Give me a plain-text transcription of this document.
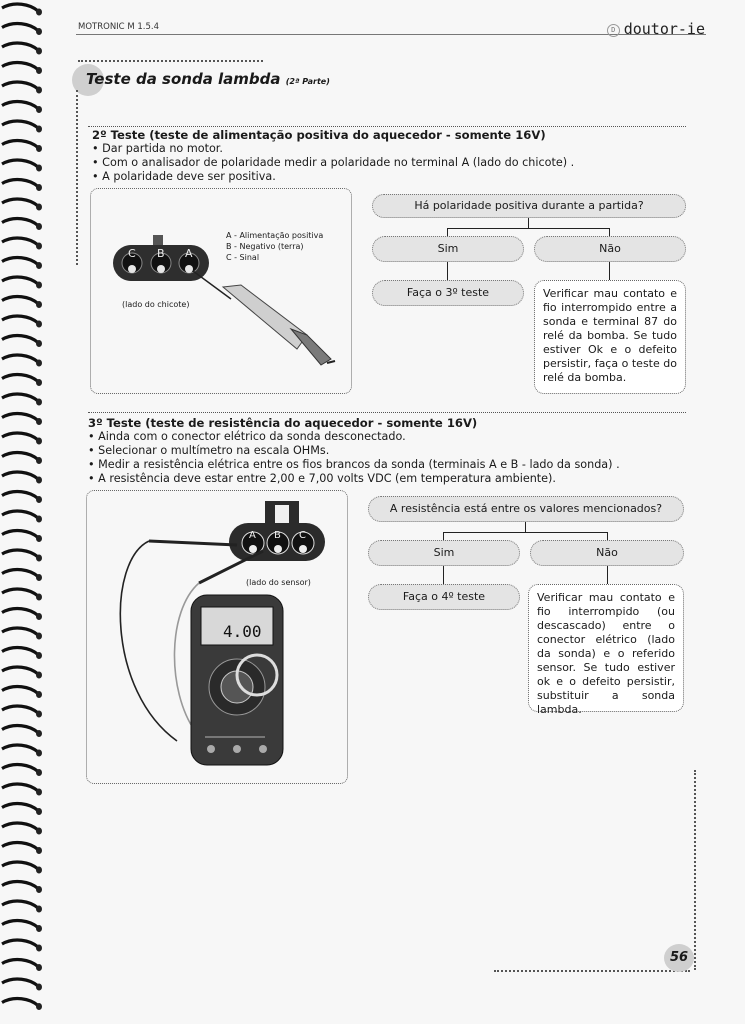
MOTRONIC M 1.5.4	D doutor-ie
Teste da sonda lambda (2ª Parte)
2º Teste (teste de alimentação positiva do aquecedor - somente 16V)
• Dar partida no motor.
• Com o analisador de polaridade medir a polaridade no terminal A (lado do chicote) .
• A polaridade deve ser positiva.
C B A
A - Alimentação positiva
B - Negativo (terra)
C - Sinal
(lado do chicote)
Há polaridade positiva durante a partida?
Sim	Não
Faça o 3º teste	Verificar mau contato e fio interrompido entre a sonda e terminal 87 do relé da bomba. Se tudo estiver Ok e o defeito persistir, faça o teste do relé da bomba.
3º Teste (teste de resistência do aquecedor - somente 16V)
• Ainda com o conector elétrico da sonda desconectado.
• Selecionar o multímetro na escala OHMs.
• Medir a resistência elétrica entre os fios brancos da sonda (terminais A e B - lado da sonda) .
• A resistência deve estar entre 2,00 e 7,00 volts VDC (em temperatura ambiente).
A B C
4.00
(lado do sensor)
A resistência está entre os valores mencionados?
Sim	Não
Faça o 4º teste	Verificar mau contato e fio interrompido (ou descascado) entre o conector elétrico (lado da sonda) e o referido sensor. Se tudo estiver ok e o defeito persistir, substituir a sonda lambda.
56
